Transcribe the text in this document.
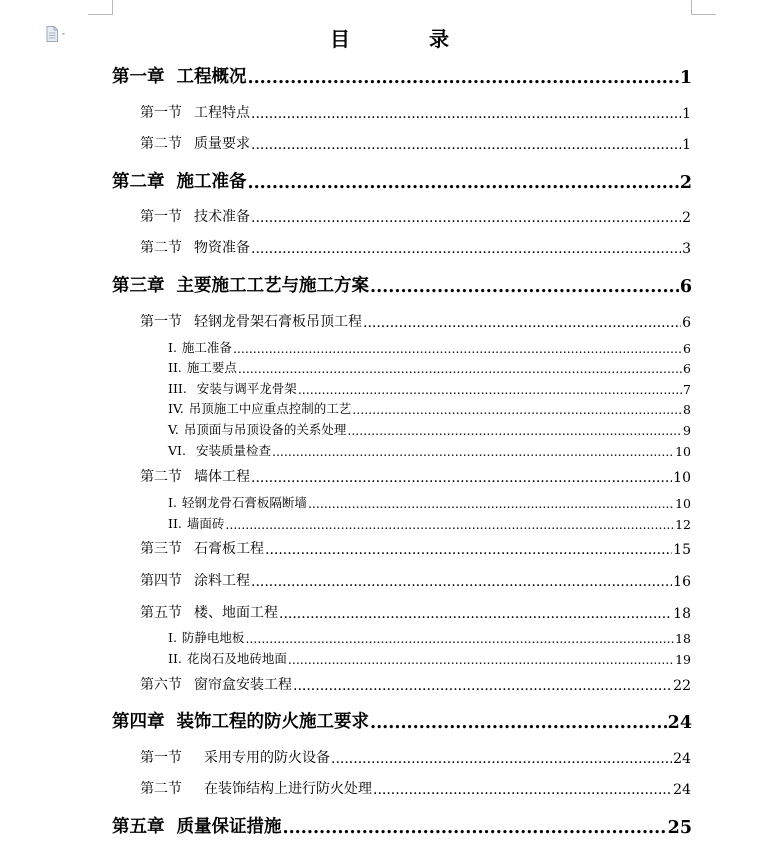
目 录
第一章 工程概况 .....	1
第一节 工程特点 .....	1
第二节 质量要求 .....	1
第二章 施工准备 .....	2
第一节 技术准备 .....	2
第二节 物资准备 .....	3
第三章 主要施工工艺与施工方案 .....	6
第一节 轻钢龙骨架石膏板吊顶工程 .....	6
I. 施工准备 .....	6
II. 施工要点 .....	6
III. 安装与调平龙骨架 .....	7
IV. 吊顶施工中应重点控制的工艺 .....	8
V. 吊顶面与吊顶设备的关系处理 .....	9
VI. 安装质量检查 .....	10
第二节 墙体工程 .....	10
I. 轻钢龙骨石膏板隔断墙 .....	10
II. 墙面砖 .....	12
第三节 石膏板工程 .....	15
第四节 涂料工程 .....	16
第五节 楼、地面工程 .....	18
I. 防静电地板 .....	18
II. 花岗石及地砖地面 .....	19
第六节 窗帘盒安装工程 .....	22
第四章 装饰工程的防火施工要求 .....	24
第一节 采用专用的防火设备 .....	24
第二节 在装饰结构上进行防火处理 .....	24
第五章 质量保证措施 .....	25
